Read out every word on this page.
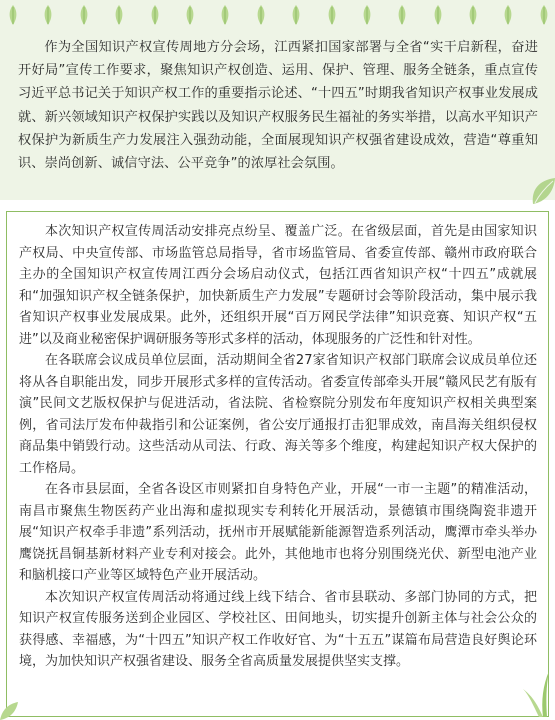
作为全国知识产权宣传周地方分会场，江西紧扣国家部署与全省“实干启新程，奋进开好局”宣传工作要求，聚焦知识产权创造、运用、保护、管理、服务全链条，重点宣传习近平总书记关于知识产权工作的重要指示论述、“十四五”时期我省知识产权事业发展成就、新兴领域知识产权保护实践以及知识产权服务民生福祉的务实举措，以高水平知识产权保护为新质生产力发展注入强劲动能，全面展现知识产权强省建设成效，营造“尊重知识、崇尚创新、诚信守法、公平竞争”的浓厚社会氛围。

本次知识产权宣传周活动安排亮点纷呈、覆盖广泛。在省级层面，首先是由国家知识产权局、中央宣传部、市场监管总局指导，省市场监管局、省委宣传部、赣州市政府联合主办的全国知识产权宣传周江西分会场启动仪式，包括江西省知识产权“十四五”成就展和“加强知识产权全链条保护，加快新质生产力发展”专题研讨会等阶段活动，集中展示我省知识产权事业发展成果。此外，还组织开展“百万网民学法律”知识竞赛、知识产权“五进”以及商业秘密保护调研服务等形式多样的活动，体现服务的广泛性和针对性。

在各联席会议成员单位层面，活动期间全省27家省知识产权部门联席会议成员单位还将从各自职能出发，同步开展形式多样的宣传活动。省委宣传部牵头开展“赣风民艺有版有演”民间文艺版权保护与促进活动，省法院、省检察院分别发布年度知识产权相关典型案例，省司法厅发布仲裁指引和公证案例，省公安厅通报打击犯罪成效，南昌海关组织侵权商品集中销毁行动。这些活动从司法、行政、海关等多个维度，构建起知识产权大保护的工作格局。

在各市县层面，全省各设区市则紧扣自身特色产业，开展“一市一主题”的精准活动，南昌市聚焦生物医药产业出海和虚拟现实专利转化开展活动，景德镇市围绕陶瓷非遗开展“知识产权牵手非遗”系列活动，抚州市开展赋能新能源智造系列活动，鹰潭市牵头举办鹰饶抚昌铜基新材料产业专利对接会。此外，其他地市也将分别围绕光伏、新型电池产业和脑机接口产业等区域特色产业开展活动。

本次知识产权宣传周活动将通过线上线下结合、省市县联动、多部门协同的方式，把知识产权宣传服务送到企业园区、学校社区、田间地头，切实提升创新主体与社会公众的获得感、幸福感，为“十四五”知识产权工作收好官、为“十五五”谋篇布局营造良好舆论环境，为加快知识产权强省建设、服务全省高质量发展提供坚实支撑。
